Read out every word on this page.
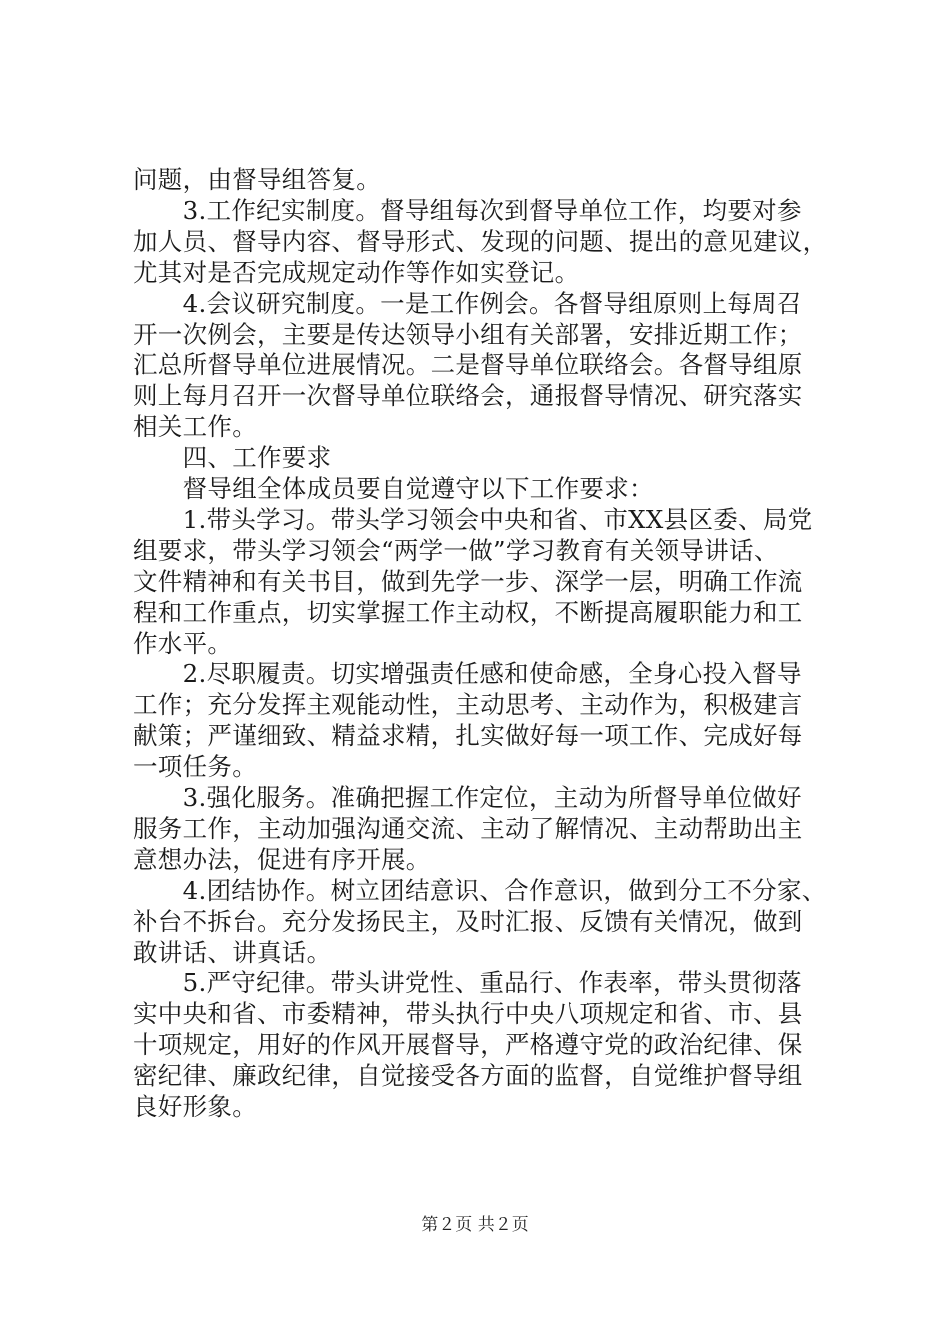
问题，由督导组答复。
　　3.工作纪实制度。督导组每次到督导单位工作，均要对参
加人员、督导内容、督导形式、发现的问题、提出的意见建议，
尤其对是否完成规定动作等作如实登记。
　　4.会议研究制度。一是工作例会。各督导组原则上每周召
开一次例会，主要是传达领导小组有关部署，安排近期工作；
汇总所督导单位进展情况。二是督导单位联络会。各督导组原
则上每月召开一次督导单位联络会，通报督导情况、研究落实
相关工作。
　　四、工作要求
　　督导组全体成员要自觉遵守以下工作要求：
　　1.带头学习。带头学习领会中央和省、市XX县区委、局党
组要求，带头学习领会“两学一做”学习教育有关领导讲话、
文件精神和有关书目，做到先学一步、深学一层，明确工作流
程和工作重点，切实掌握工作主动权，不断提高履职能力和工
作水平。
　　2.尽职履责。切实增强责任感和使命感，全身心投入督导
工作；充分发挥主观能动性，主动思考、主动作为，积极建言
献策；严谨细致、精益求精，扎实做好每一项工作、完成好每
一项任务。
　　3.强化服务。准确把握工作定位，主动为所督导单位做好
服务工作，主动加强沟通交流、主动了解情况、主动帮助出主
意想办法，促进有序开展。
　　4.团结协作。树立团结意识、合作意识，做到分工不分家、
补台不拆台。充分发扬民主，及时汇报、反馈有关情况，做到
敢讲话、讲真话。
　　5.严守纪律。带头讲党性、重品行、作表率，带头贯彻落
实中央和省、市委精神，带头执行中央八项规定和省、市、县
十项规定，用好的作风开展督导，严格遵守党的政治纪律、保
密纪律、廉政纪律，自觉接受各方面的监督，自觉维护督导组
良好形象。
第２页 共２页
